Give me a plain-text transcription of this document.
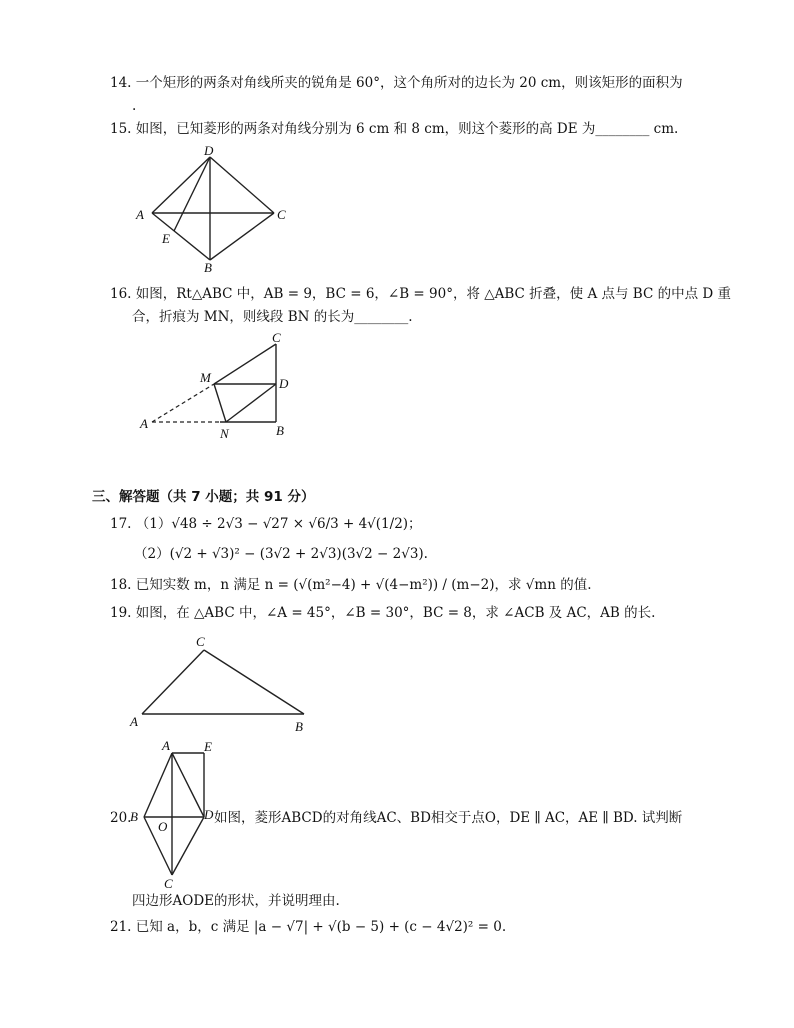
14. 一个矩形的两条对角线所夹的锐角是 60°，这个角所对的边长为 20 cm，则该矩形的面积为
.
15. 如图，已知菱形的两条对角线分别为 6 cm 和 8 cm，则这个菱形的高 DE 为________ cm.
D
A	C
E
B
16. 如图，Rt△ABC 中，AB = 9，BC = 6，∠B = 90°，将 △ABC 折叠，使 A 点与 BC 的中点 D 重
合，折痕为 MN，则线段 BN 的长为________.
C
M	D
A
N	B
三、解答题（共 7 小题；共 91 分）
17. （1）√48 ÷ 2√3 − √27 × √6/3 + 4√(1/2)；
（2）(√2 + √3)² − (3√2 + 2√3)(3√2 − 2√3).
18. 已知实数 m，n 满足 n = (√(m²−4) + √(4−m²)) / (m−2)，求 √mn 的值.
19. 如图，在 △ABC 中，∠A = 45°，∠B = 30°，BC = 8，求 ∠ACB 及 AC，AB 的长.
C
A	B
A	E
B
O
D
C
20.	如图，菱形ABCD的对角线AC、BD相交于点O，DE ∥ AC，AE ∥ BD. 试判断
四边形AODE的形状，并说明理由.
21. 已知 a，b，c 满足 |a − √7| + √(b − 5) + (c − 4√2)² = 0.
